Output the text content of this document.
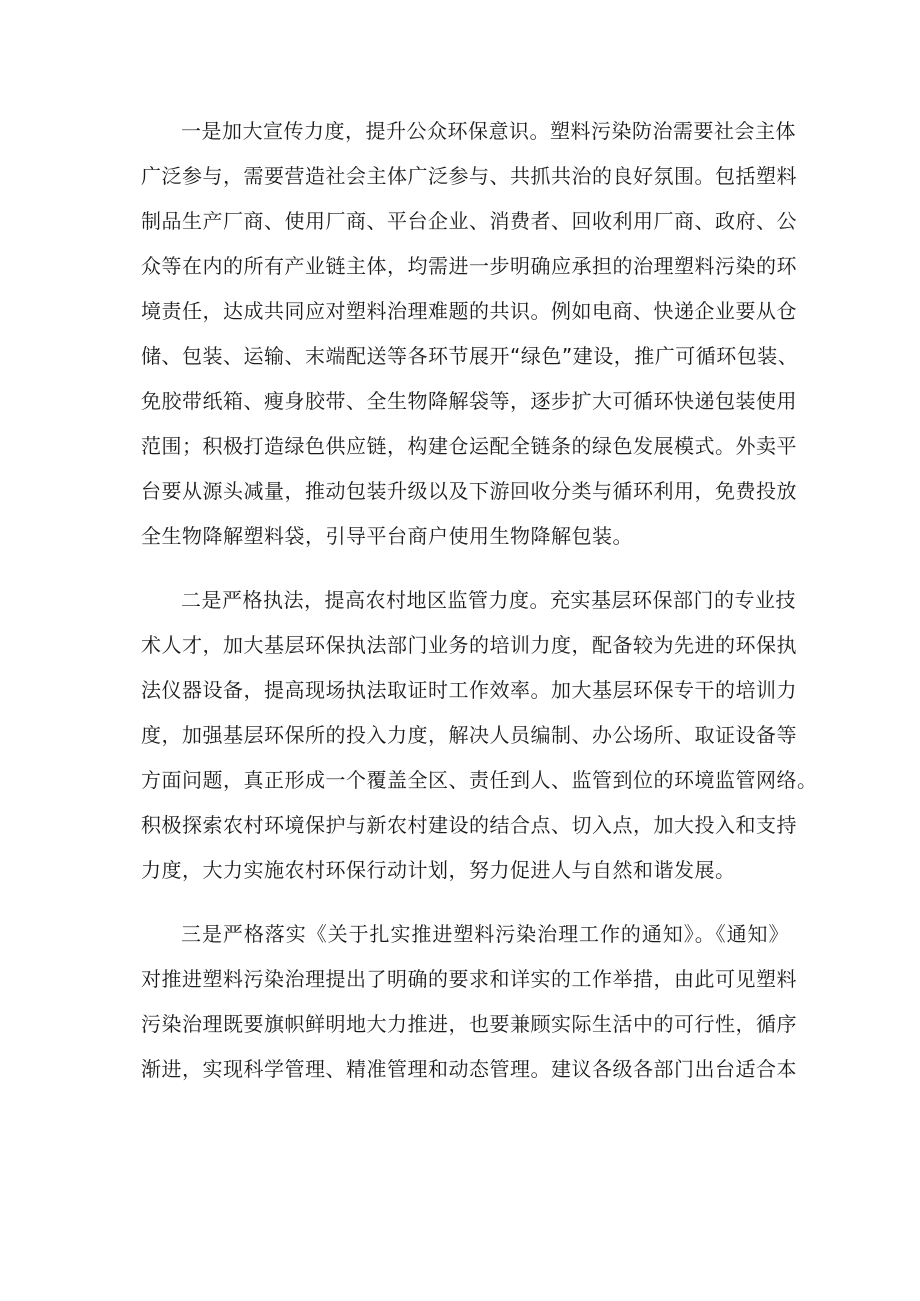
一是加大宣传力度，提升公众环保意识。塑料污染防治需要社会主体
广泛参与，需要营造社会主体广泛参与、共抓共治的良好氛围。包括塑料
制品生产厂商、使用厂商、平台企业、消费者、回收利用厂商、政府、公
众等在内的所有产业链主体，均需进一步明确应承担的治理塑料污染的环
境责任，达成共同应对塑料治理难题的共识。例如电商、快递企业要从仓
储、包装、运输、末端配送等各环节展开“绿色”建设，推广可循环包装、
免胶带纸箱、瘦身胶带、全生物降解袋等，逐步扩大可循环快递包装使用
范围；积极打造绿色供应链，构建仓运配全链条的绿色发展模式。外卖平
台要从源头减量，推动包装升级以及下游回收分类与循环利用，免费投放
全生物降解塑料袋，引导平台商户使用生物降解包装。
二是严格执法，提高农村地区监管力度。充实基层环保部门的专业技
术人才，加大基层环保执法部门业务的培训力度，配备较为先进的环保执
法仪器设备，提高现场执法取证时工作效率。加大基层环保专干的培训力
度，加强基层环保所的投入力度，解决人员编制、办公场所、取证设备等
方面问题，真正形成一个覆盖全区、责任到人、监管到位的环境监管网络。
积极探索农村环境保护与新农村建设的结合点、切入点，加大投入和支持
力度，大力实施农村环保行动计划，努力促进人与自然和谐发展。
三是严格落实《关于扎实推进塑料污染治理工作的通知》。《通知》
对推进塑料污染治理提出了明确的要求和详实的工作举措，由此可见塑料
污染治理既要旗帜鲜明地大力推进，也要兼顾实际生活中的可行性，循序
渐进，实现科学管理、精准管理和动态管理。建议各级各部门出台适合本
